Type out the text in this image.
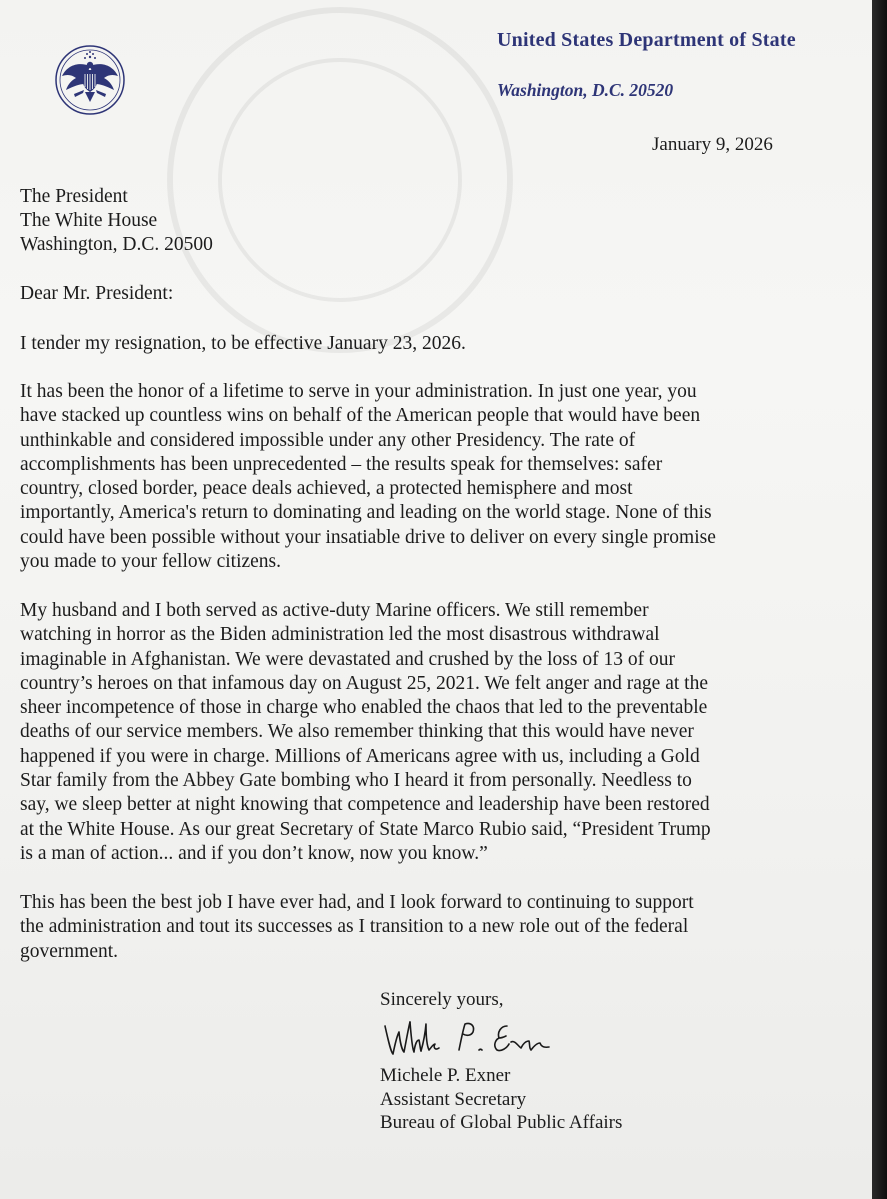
United States Department of State
Washington, D.C. 20520
January 9, 2026
The President
The White House
Washington, D.C. 20500
Dear Mr. President:
I tender my resignation, to be effective January 23, 2026.
It has been the honor of a lifetime to serve in your administration. In just one year, you
have stacked up countless wins on behalf of the American people that would have been
unthinkable and considered impossible under any other Presidency. The rate of
accomplishments has been unprecedented – the results speak for themselves: safer
country, closed border, peace deals achieved, a protected hemisphere and most
importantly, America's return to dominating and leading on the world stage. None of this
could have been possible without your insatiable drive to deliver on every single promise
you made to your fellow citizens.
My husband and I both served as active-duty Marine officers. We still remember
watching in horror as the Biden administration led the most disastrous withdrawal
imaginable in Afghanistan. We were devastated and crushed by the loss of 13 of our
country’s heroes on that infamous day on August 25, 2021. We felt anger and rage at the
sheer incompetence of those in charge who enabled the chaos that led to the preventable
deaths of our service members. We also remember thinking that this would have never
happened if you were in charge. Millions of Americans agree with us, including a Gold
Star family from the Abbey Gate bombing who I heard it from personally. Needless to
say, we sleep better at night knowing that competence and leadership have been restored
at the White House. As our great Secretary of State Marco Rubio said, “President Trump
is a man of action... and if you don’t know, now you know.”
This has been the best job I have ever had, and I look forward to continuing to support
the administration and tout its successes as I transition to a new role out of the federal
government.
Sincerely yours,
Michele P. Exner
Assistant Secretary
Bureau of Global Public Affairs
